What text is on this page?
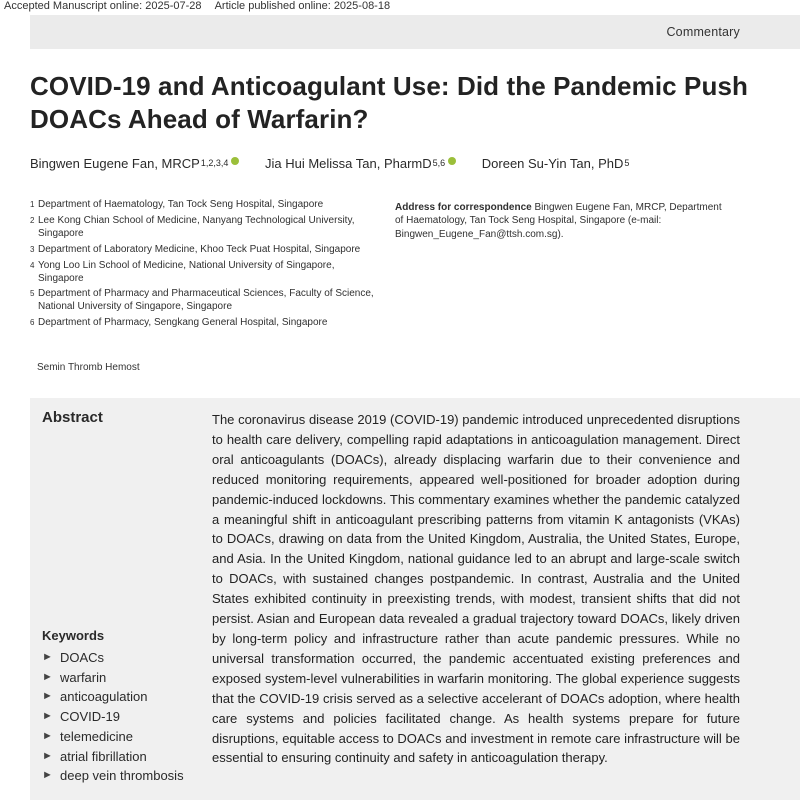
Accepted Manuscript online: 2025-07-28 Article published online: 2025-08-18
Commentary
COVID-19 and Anticoagulant Use: Did the Pandemic Push DOACs Ahead of Warfarin?
Bingwen Eugene Fan, MRCP$^{1,2,3,4}$
	Jia Hui Melissa Tan, PharmD$^{5,6}$
	Doreen Su-Yin Tan, PhD$^5$
1 Department of Haematology, Tan Tock Seng Hospital, Singapore
2 Lee Kong Chian School of Medicine, Nanyang Technological University, Singapore
3 Department of Laboratory Medicine, Khoo Teck Puat Hospital, Singapore
4 Yong Loo Lin School of Medicine, National University of Singapore, Singapore
5 Department of Pharmacy and Pharmaceutical Sciences, Faculty of Science, National University of Singapore, Singapore
6 Department of Pharmacy, Sengkang General Hospital, Singapore
Address for correspondence Bingwen Eugene Fan, MRCP, Department of Haematology, Tan Tock Seng Hospital, Singapore (e-mail: Bingwen_Eugene_Fan@ttsh.com.sg).
Semin Thromb Hemost
Abstract	The coronavirus disease 2019 (COVID-19) pandemic introduced unprecedented disruptions to health care delivery, compelling rapid adaptations in anticoagulation management. Direct oral anticoagulants (DOACs), already displacing warfarin due to their convenience and reduced monitoring requirements, appeared well-positioned for broader adoption during pandemic-induced lockdowns. This commentary examines whether the pandemic catalyzed a meaningful shift in anticoagulant prescribing patterns from vitamin K antagonists (VKAs) to DOACs, drawing on data from the United Kingdom, Australia, the United States, Europe, and Asia. In the United Kingdom, national guidance led to an abrupt and large-scale switch to DOACs, with sustained changes postpandemic. In contrast, Australia and the United States exhibited continuity in preexisting trends, with modest, transient shifts that did not persist. Asian and European data revealed a gradual trajectory toward DOACs, likely driven by long-term policy and infrastructure rather than acute pandemic pressures. While no universal transformation occurred, the pandemic accentuated existing preferences and exposed system-level vulnerabilities in warfarin monitoring. The global experience suggests that the COVID-19 crisis served as a selective accelerant of DOACs adoption, where health care systems and policies facilitated change. As health systems prepare for future disruptions, equitable access to DOACs and investment in remote care infrastructure will be essential to ensuring continuity and safety in anticoagulation therapy.
Keywords
► DOACs
► warfarin
► anticoagulation
► COVID-19
► telemedicine
► atrial fibrillation
► deep vein thrombosis
